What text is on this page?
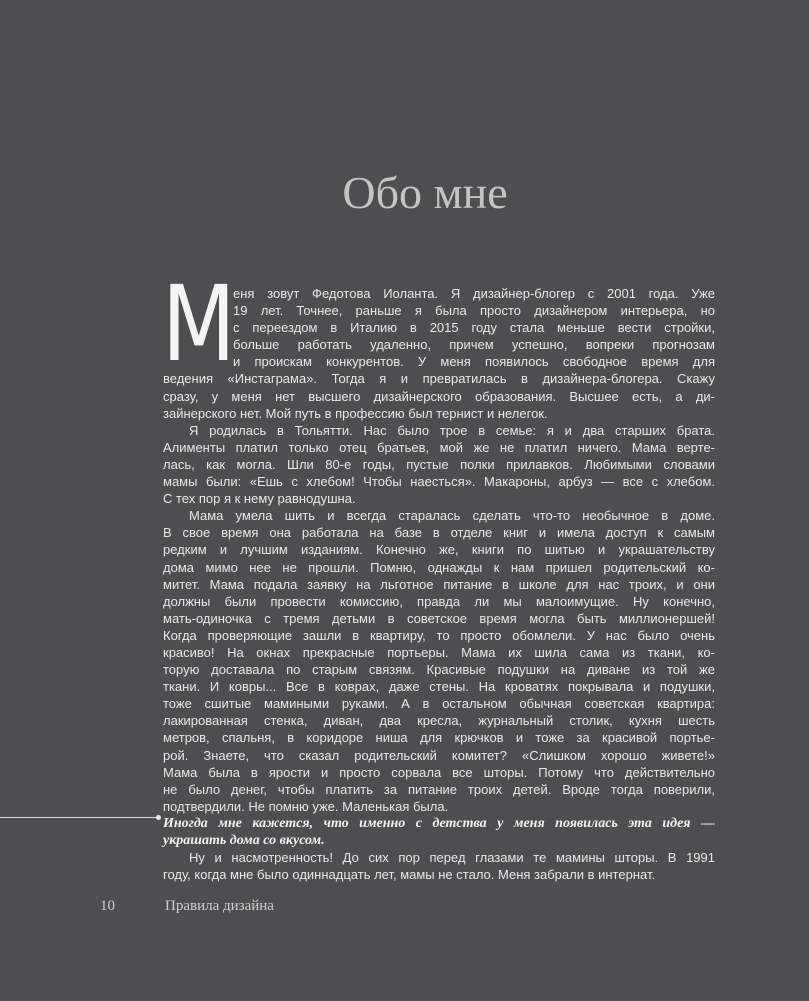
Обо мне
М
еня зовут Федотова Иоланта. Я дизайнер-блогер с 2001 года. Уже
19 лет. Точнее, раньше я была просто дизайнером интерьера, но
с переездом в Италию в 2015 году стала меньше вести стройки,
больше работать удаленно, причем успешно, вопреки прогнозам
и проискам конкурентов. У меня появилось свободное время для
ведения «Инстаграма». Тогда я и превратилась в дизайнера-блогера. Скажу
сразу, у меня нет высшего дизайнерского образования. Высшее есть, а ди-
зайнерского нет. Мой путь в профессию был тернист и нелегок.
Я родилась в Тольятти. Нас было трое в семье: я и два старших брата.
Алименты платил только отец братьев, мой же не платил ничего. Мама верте-
лась, как могла. Шли 80-е годы, пустые полки прилавков. Любимыми словами
мамы были: «Ешь с хлебом! Чтобы наесться». Макароны, арбуз — все с хлебом.
С тех пор я к нему равнодушна.
Мама умела шить и всегда старалась сделать что-то необычное в доме.
В свое время она работала на базе в отделе книг и имела доступ к самым
редким и лучшим изданиям. Конечно же, книги по шитью и украшательству
дома мимо нее не прошли. Помню, однажды к нам пришел родительский ко-
митет. Мама подала заявку на льготное питание в школе для нас троих, и они
должны были провести комиссию, правда ли мы малоимущие. Ну конечно,
мать-одиночка с тремя детьми в советское время могла быть миллионершей!
Когда проверяющие зашли в квартиру, то просто обомлели. У нас было очень
красиво! На окнах прекрасные портьеры. Мама их шила сама из ткани, ко-
торую доставала по старым связям. Красивые подушки на диване из той же
ткани. И ковры... Все в коврах, даже стены. На кроватях покрывала и подушки,
тоже сшитые мамиными руками. А в остальном обычная советская квартира:
лакированная стенка, диван, два кресла, журнальный столик, кухня шесть
метров, спальня, в коридоре ниша для крючков и тоже за красивой портье-
рой. Знаете, что сказал родительский комитет? «Слишком хорошо живете!»
Мама была в ярости и просто сорвала все шторы. Потому что действительно
не было денег, чтобы платить за питание троих детей. Вроде тогда поверили,
подтвердили. Не помню уже. Маленькая была.
Иногда мне кажется, что именно с детства у меня появилась эта идея —
украшать дома со вкусом.
Ну и насмотренность! До сих пор перед глазами те мамины шторы. В 1991
году, когда мне было одиннадцать лет, мамы не стало. Меня забрали в интернат.
10	Правила дизайна
